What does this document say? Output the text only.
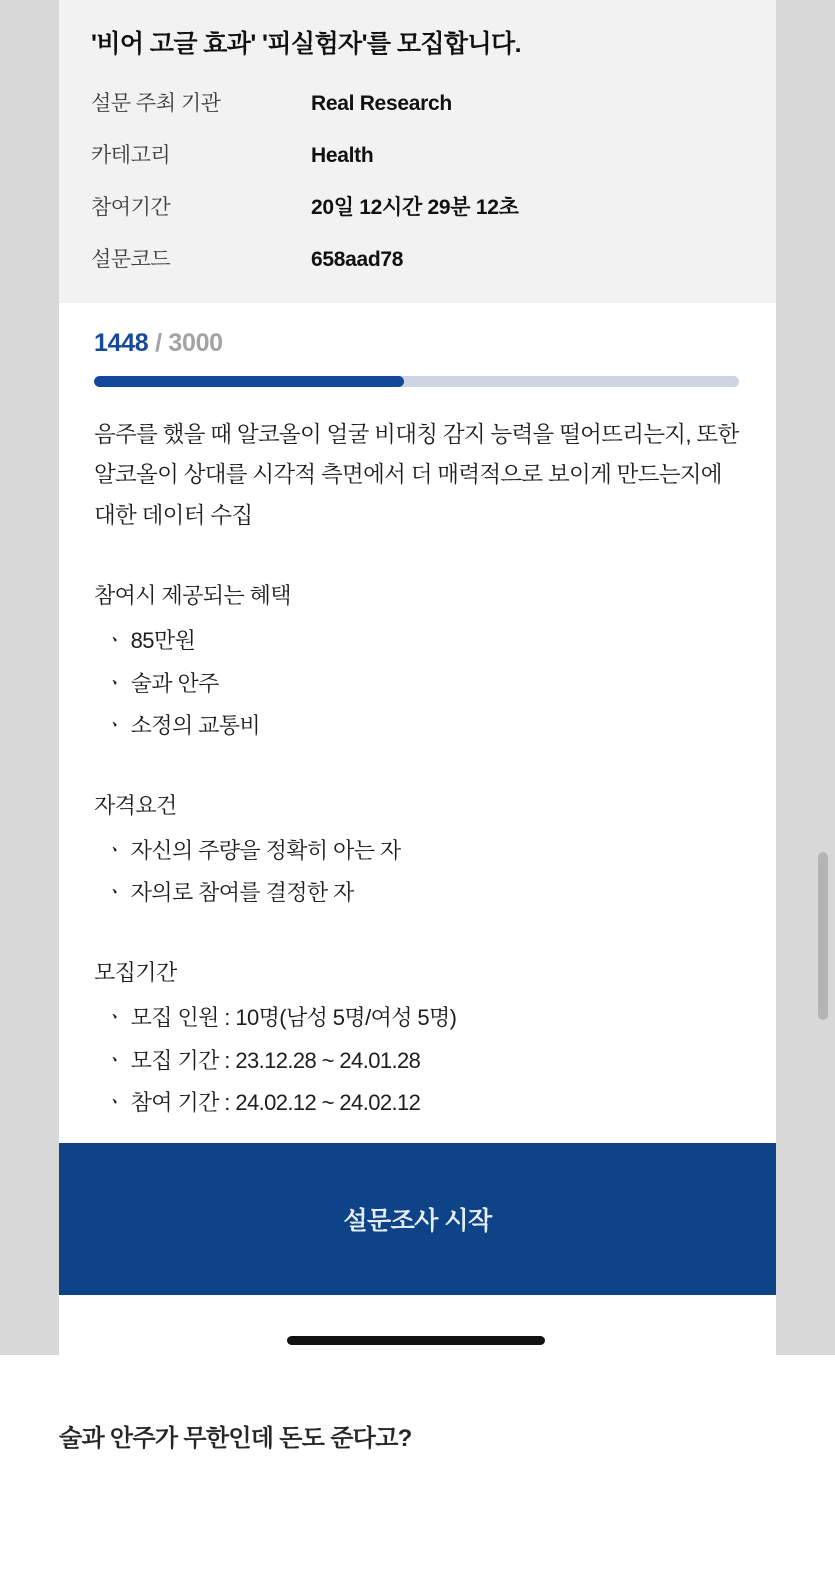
'비어 고글 효과' '피실험자'를 모집합니다.
설문 주최 기관	Real Research
카테고리	Health
참여기간	20일 12시간 29분 12초
설문코드	658aad78
1448 / 3000

음주를 했을 때 알코올이 얼굴 비대칭 감지 능력을 떨어뜨리는지, 또한 알코올이 상대를 시각적 측면에서 더 매력적으로 보이게 만드는지에 대한 데이터 수집

참여시 제공되는 혜택
ㆍ 85만원
ㆍ 술과 안주
ㆍ 소정의 교통비
자격요건
ㆍ 자신의 주량을 정확히 아는 자
ㆍ 자의로 참여를 결정한 자
모집기간
ㆍ 모집 인원 : 10명(남성 5명/여성 5명)
ㆍ 모집 기간 : 23.12.28 ~ 24.01.28
ㆍ 참여 기간 : 24.02.12 ~ 24.02.12
설문조사 시작
술과 안주가 무한인데 돈도 준다고?
